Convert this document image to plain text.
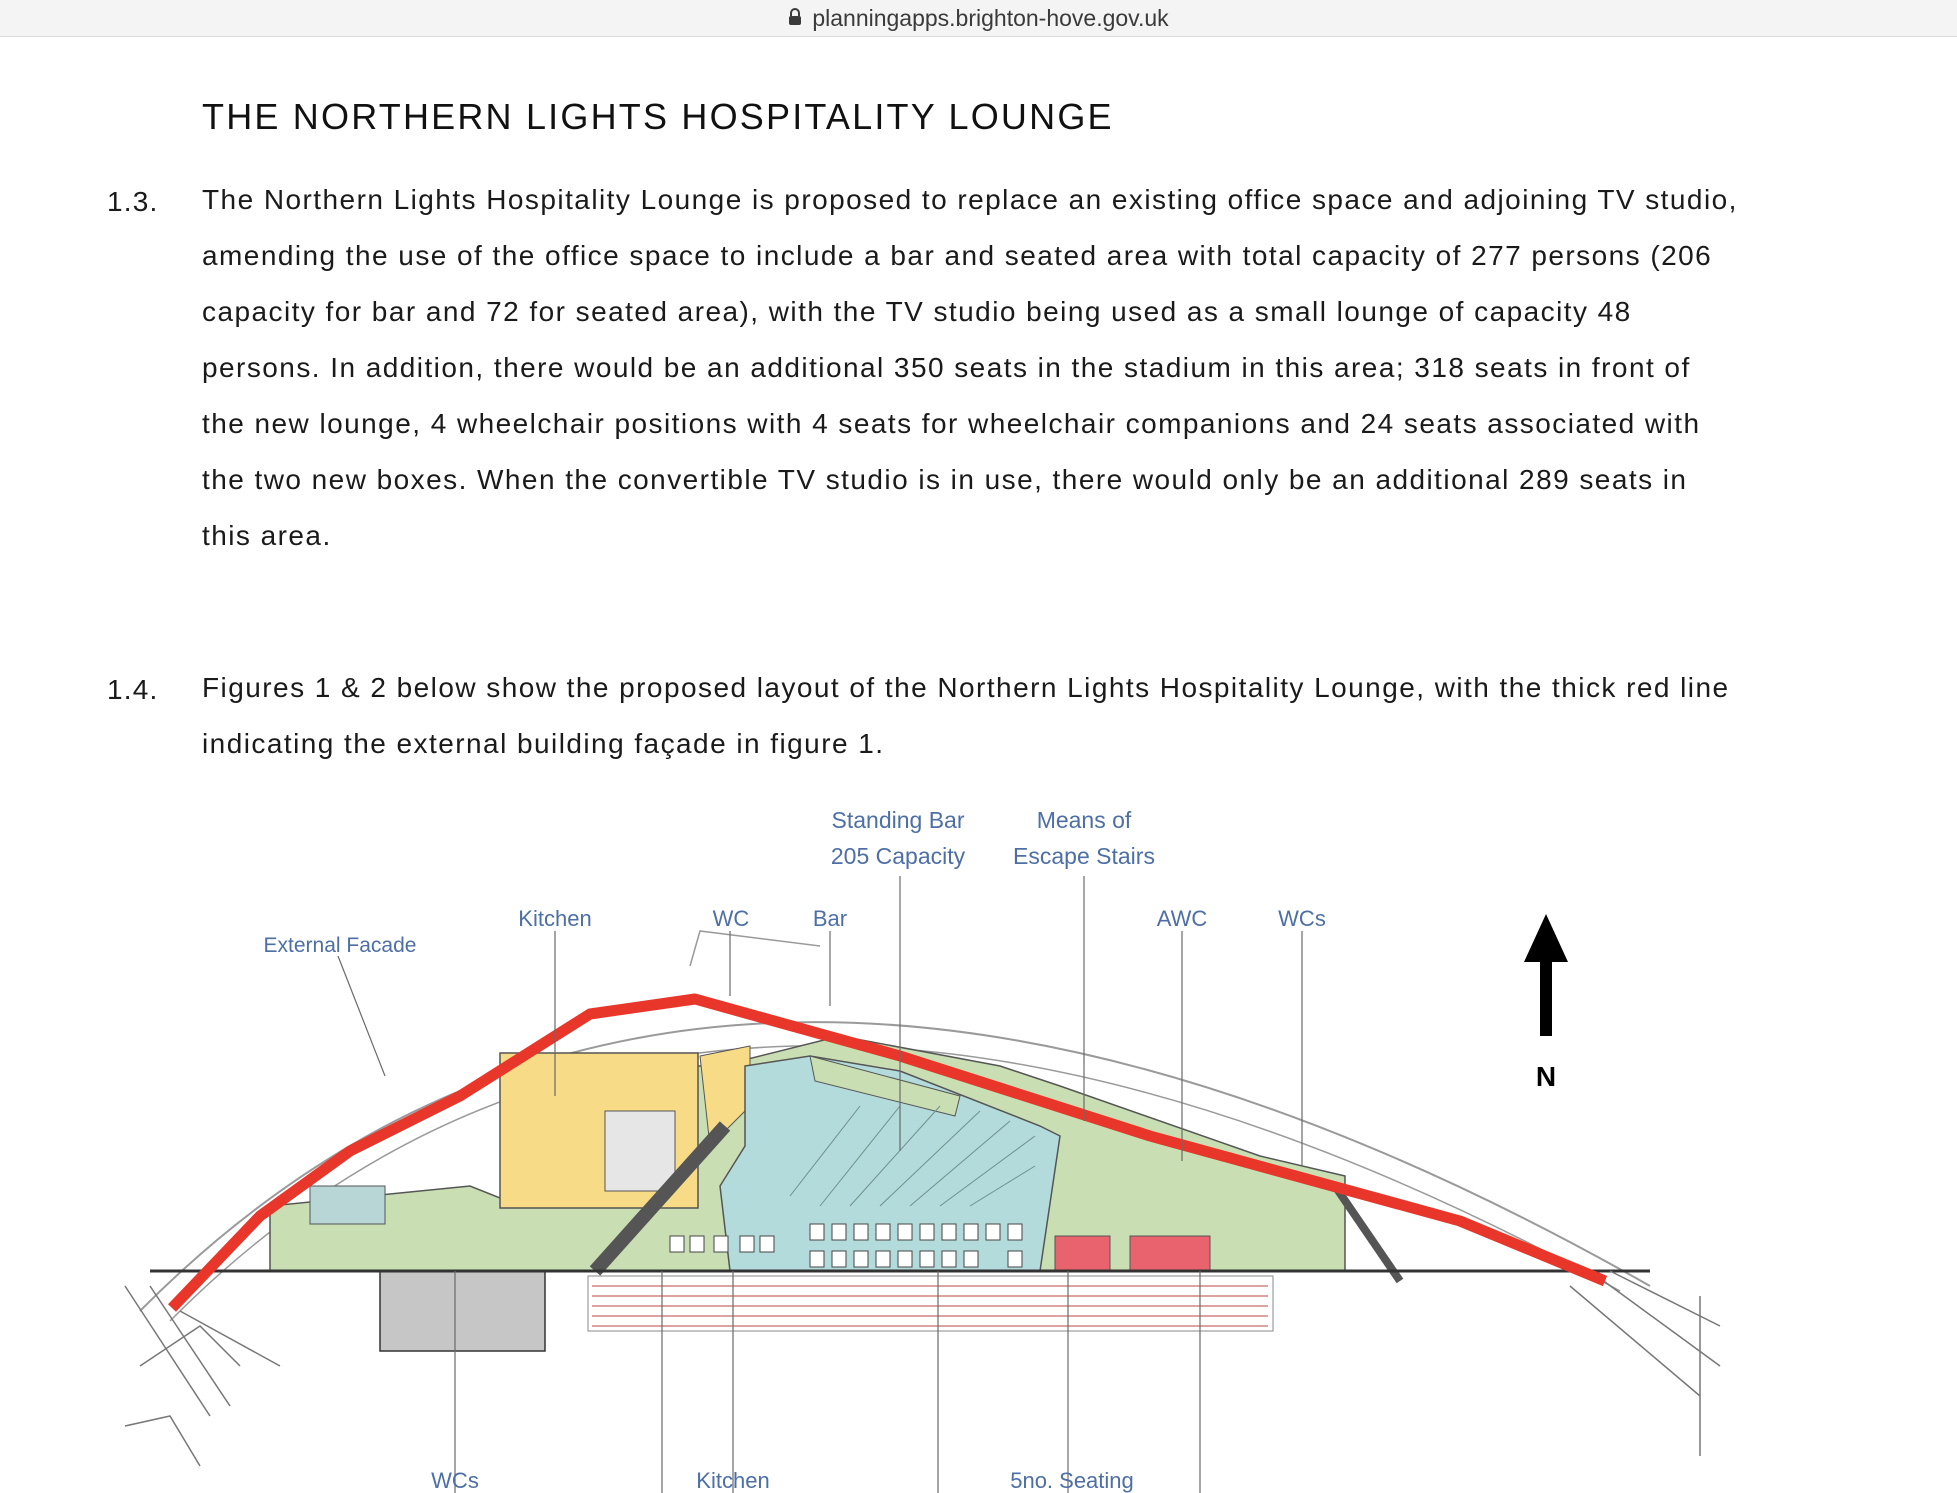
planningapps.brighton-hove.gov.uk
THE NORTHERN LIGHTS HOSPITALITY LOUNGE
1.3. The Northern Lights Hospitality Lounge is proposed to replace an existing office space and adjoining TV studio, amending the use of the office space to include a bar and seated area with total capacity of 277 persons (206 capacity for bar and 72 for seated area), with the TV studio being used as a small lounge of capacity 48 persons. In addition, there would be an additional 350 seats in the stadium in this area; 318 seats in front of the new lounge, 4 wheelchair positions with 4 seats for wheelchair companions and 24 seats associated with the two new boxes. When the convertible TV studio is in use, there would only be an additional 289 seats in this area.
1.4. Figures 1 & 2 below show the proposed layout of the Northern Lights Hospitality Lounge, with the thick red line indicating the external building façade in figure 1.
Standing Bar
205 Capacity
Means of
Escape Stairs
Kitchen	WC	Bar	AWC	WCs
External Facade
WCs	Kitchen	5no. Seating
N
